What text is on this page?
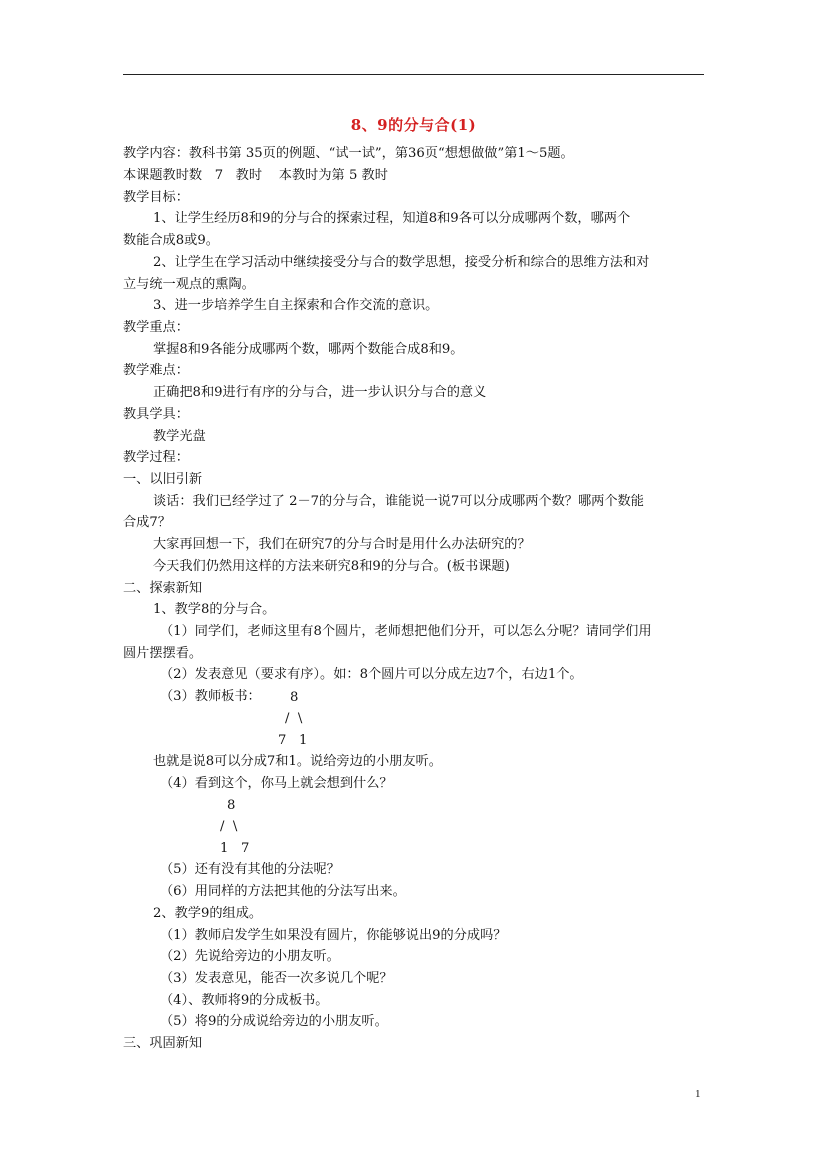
8、9的分与合(1)
教学内容：教科书第 35页的例题、“试一试”，第36页“想想做做”第1～5题。
本课题教时数   7   教时    本教时为第 5 教时
教学目标：
1、让学生经历8和9的分与合的探索过程，知道8和9各可以分成哪两个数，哪两个
数能合成8或9。
2、让学生在学习活动中继续接受分与合的数学思想，接受分析和综合的思维方法和对
立与统一观点的熏陶。
3、进一步培养学生自主探索和合作交流的意识。
教学重点：
掌握8和9各能分成哪两个数，哪两个数能合成8和9。
教学难点：
正确把8和9进行有序的分与合，进一步认识分与合的意义
教具学具：
教学光盘
教学过程：
一、以旧引新
谈话：我们已经学过了 2－7的分与合，谁能说一说7可以分成哪两个数？哪两个数能
合成7？
大家再回想一下，我们在研究7的分与合时是用什么办法研究的？
今天我们仍然用这样的方法来研究8和9的分与合。(板书课题)
二、探索新知
1、教学8的分与合。
（1）同学们，老师这里有8个圆片，老师想把他们分开，可以怎么分呢？请同学们用
圆片摆摆看。
（2）发表意见（要求有序）。如：8个圆片可以分成左边7个，右边1个。
（3）教师板书： 8
/  \
7   1
也就是说8可以分成7和1。说给旁边的小朋友听。
（4）看到这个，你马上就会想到什么？
8
/  \
1   7
（5）还有没有其他的分法呢？
（6）用同样的方法把其他的分法写出来。
2、教学9的组成。
（1）教师启发学生如果没有圆片，你能够说出9的分成吗？
（2）先说给旁边的小朋友听。
（3）发表意见，能否一次多说几个呢？
（4）、教师将9的分成板书。
（5）将9的分成说给旁边的小朋友听。
三、巩固新知
1
